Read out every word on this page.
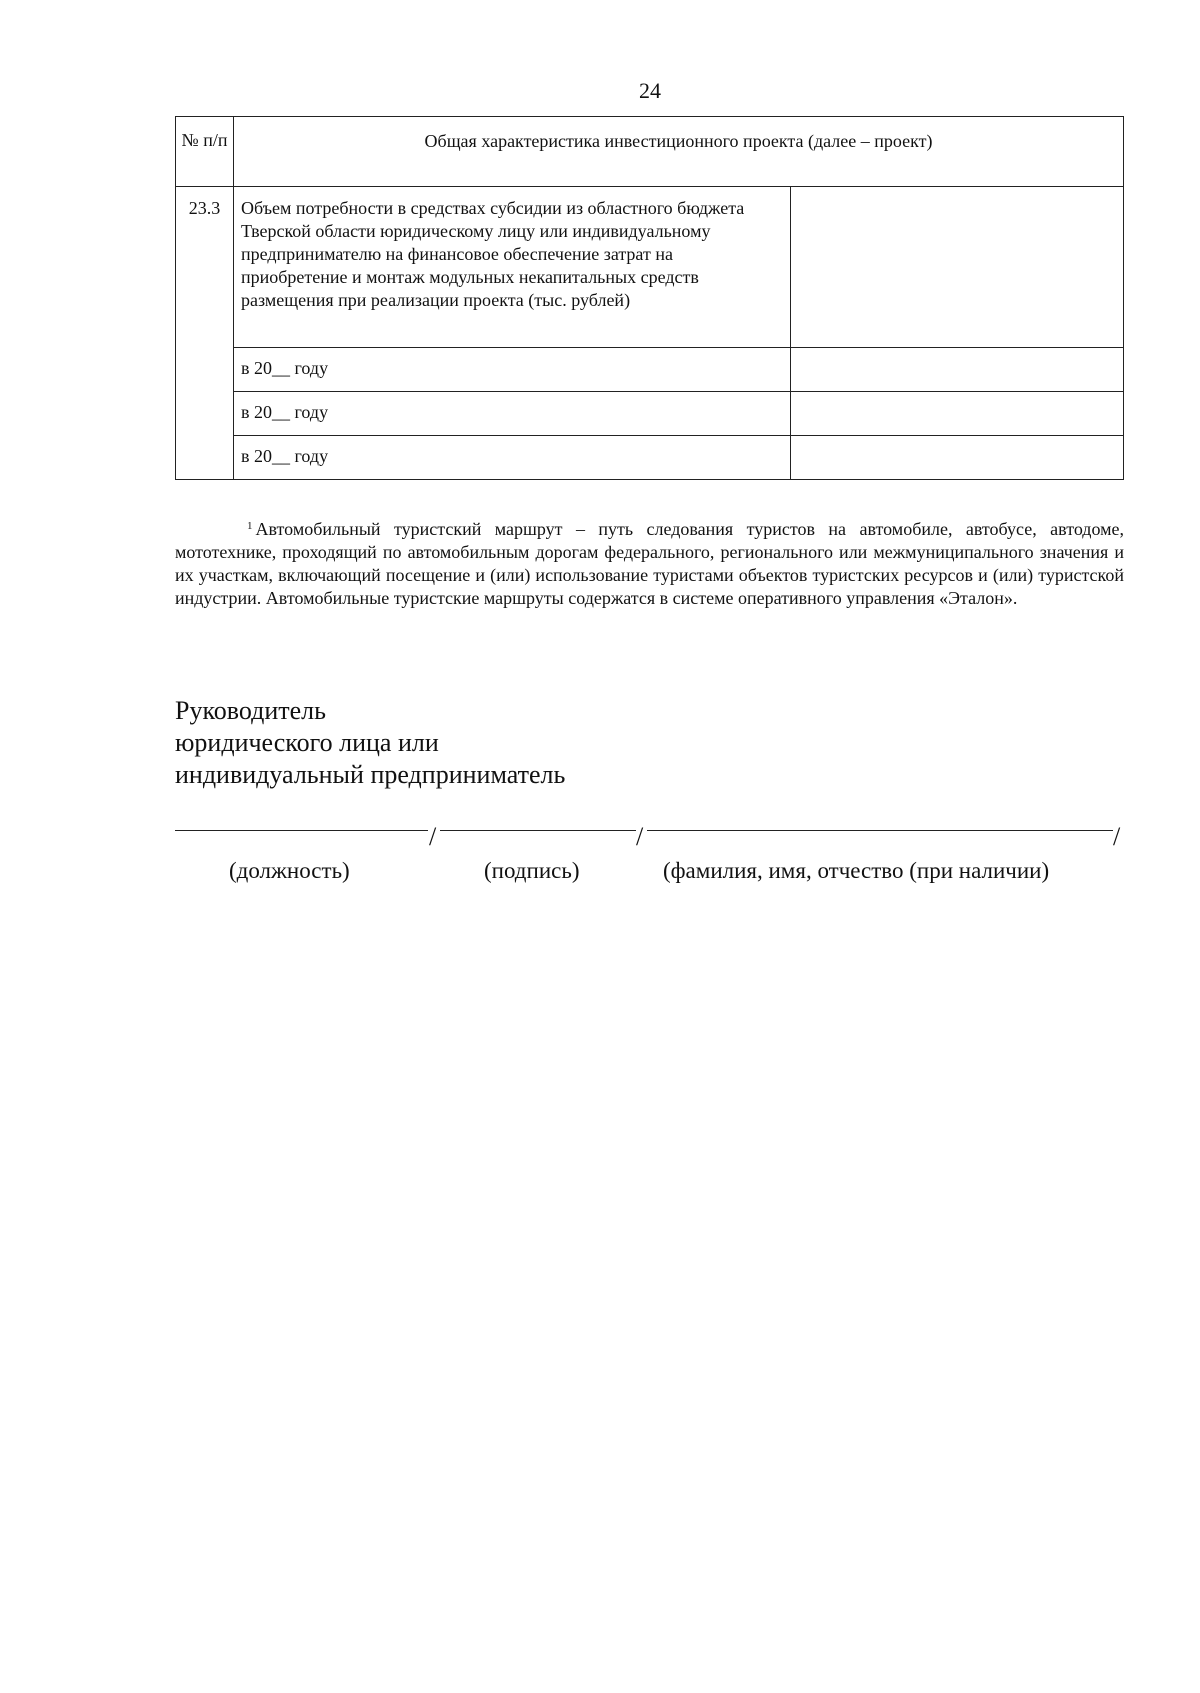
24
№ п/п	Общая характеристика инвестиционного проекта (далее – проект)	
23.3	Объем потребности в средствах субсидии из областного бюджета Тверской области юридическому лицу или индивидуальному предпринимателю на финансовое обеспечение затрат на приобретение и монтаж модульных некапитальных средств размещения при реализации проекта (тыс. рублей)	
	в 20__ году	
	в 20__ году	
	в 20__ году	
$^1$ Автомобильный туристский маршрут – путь следования туристов на автомобиле, автобусе, автодоме, мототехнике, проходящий по автомобильным дорогам федерального, регионального или межмуниципального значения и их участкам, включающий посещение и (или) использование туристами объектов туристских ресурсов и (или) туристской индустрии. Автомобильные туристские маршруты содержатся в системе оперативного управления «Эталон».
Руководитель
юридического лица или
индивидуальный предприниматель
/	/	/
(должность)	(подпись)	(фамилия, имя, отчество (при наличии)
